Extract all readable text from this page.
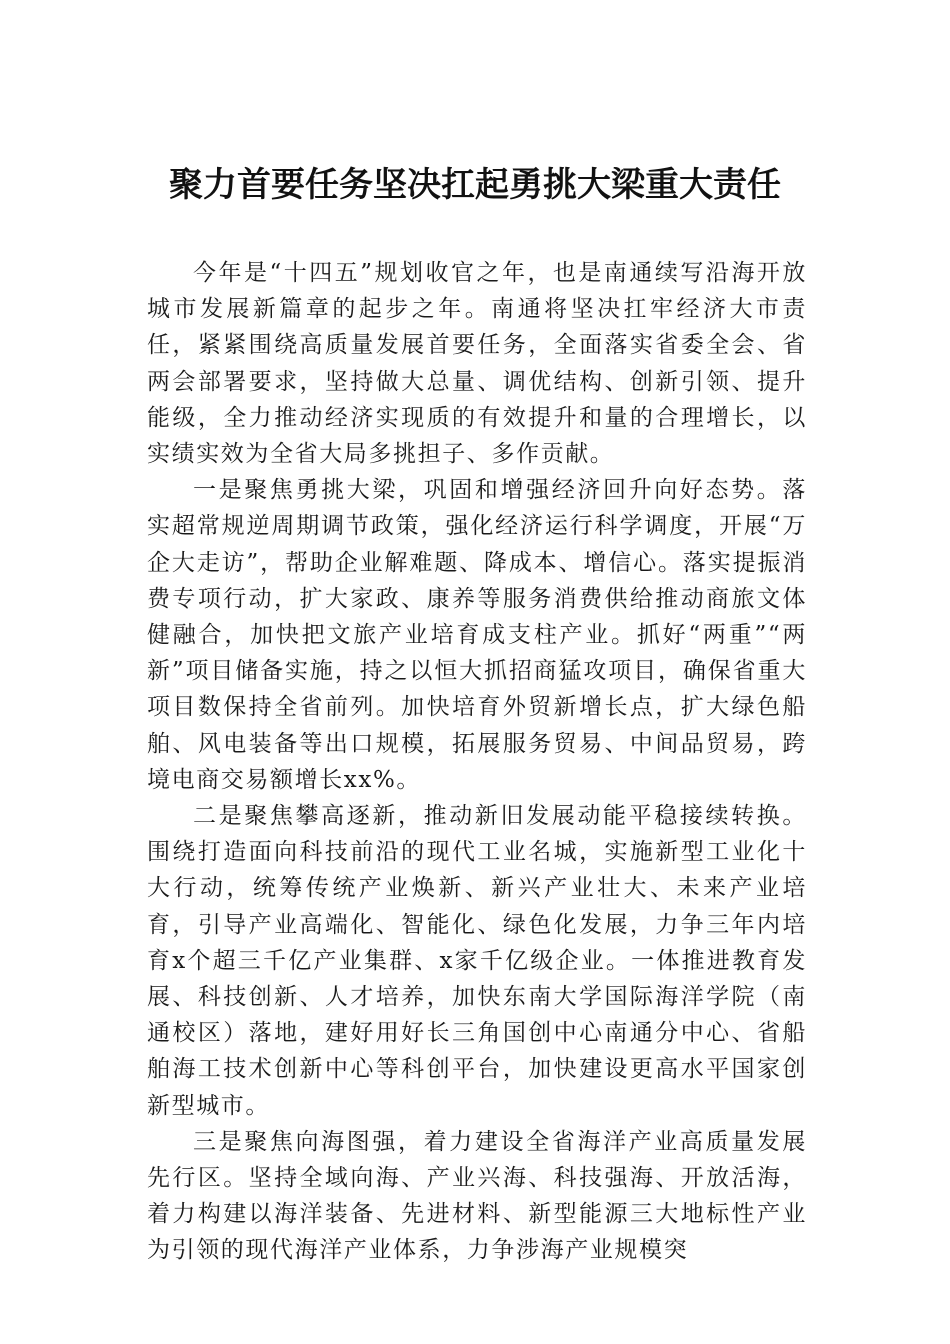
聚力首要任务坚决扛起勇挑大梁重大责任

今年是“十四五”规划收官之年，也是南通续写沿海开放城市发展新篇章的起步之年。南通将坚决扛牢经济大市责任，紧紧围绕高质量发展首要任务，全面落实省委全会、省两会部署要求，坚持做大总量、调优结构、创新引领、提升能级，全力推动经济实现质的有效提升和量的合理增长，以实绩实效为全省大局多挑担子、多作贡献。

一是聚焦勇挑大梁，巩固和增强经济回升向好态势。落实超常规逆周期调节政策，强化经济运行科学调度，开展“万企大走访”，帮助企业解难题、降成本、增信心。落实提振消费专项行动，扩大家政、康养等服务消费供给推动商旅文体健融合，加快把文旅产业培育成支柱产业。抓好“两重”“两新”项目储备实施，持之以恒大抓招商猛攻项目，确保省重大项目数保持全省前列。加快培育外贸新增长点，扩大绿色船舶、风电装备等出口规模，拓展服务贸易、中间品贸易，跨境电商交易额增长xx%。

二是聚焦攀高逐新，推动新旧发展动能平稳接续转换。围绕打造面向科技前沿的现代工业名城，实施新型工业化十大行动，统筹传统产业焕新、新兴产业壮大、未来产业培育，引导产业高端化、智能化、绿色化发展，力争三年内培育x个超三千亿产业集群、x家千亿级企业。一体推进教育发展、科技创新、人才培养，加快东南大学国际海洋学院（南通校区）落地，建好用好长三角国创中心南通分中心、省船舶海工技术创新中心等科创平台，加快建设更高水平国家创新型城市。

三是聚焦向海图强，着力建设全省海洋产业高质量发展先行区。坚持全域向海、产业兴海、科技强海、开放活海，着力构建以海洋装备、先进材料、新型能源三大地标性产业为引领的现代海洋产业体系，力争涉海产业规模突
